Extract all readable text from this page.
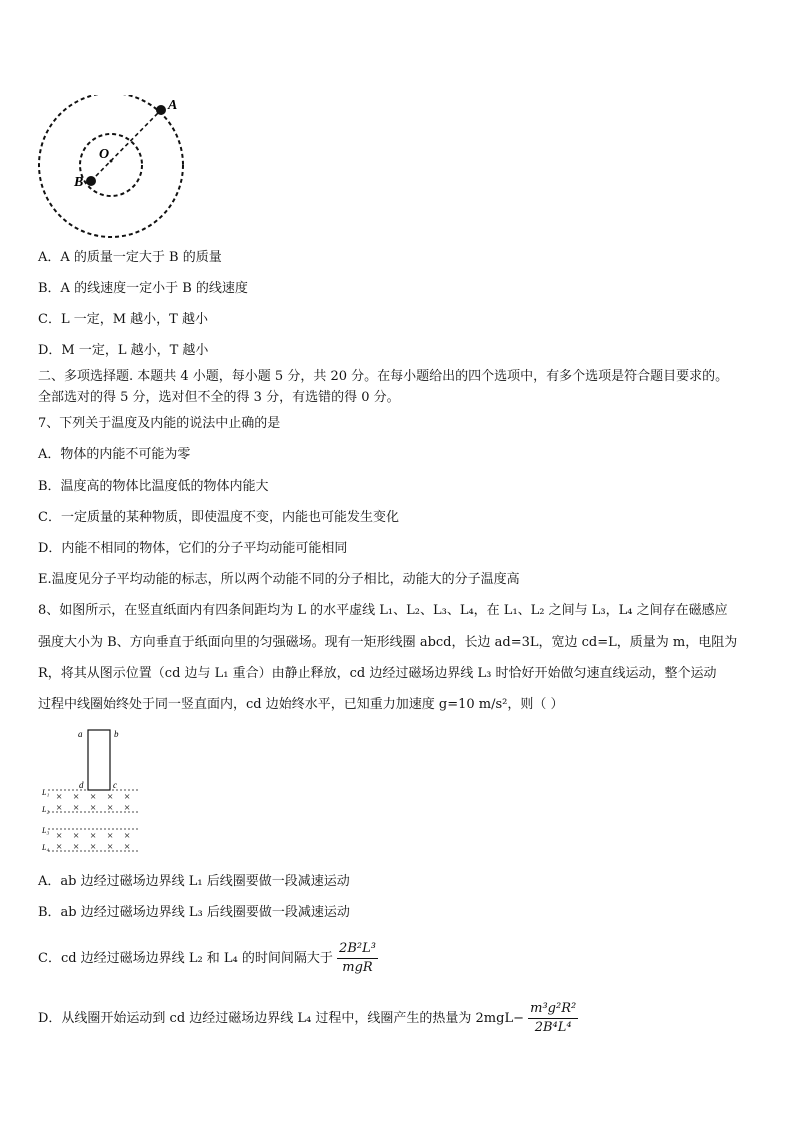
A
B
O
A．A 的质量一定大于 B 的质量
B．A 的线速度一定小于 B 的线速度
C．L 一定，M 越小，T 越小
D．M 一定，L 越小，T 越小
二、多项选择题. 本题共 4 小题，每小题 5 分，共 20 分。在每小题给出的四个选项中，有多个选项是符合题目要求的。
全部选对的得 5 分，选对但不全的得 3 分，有选错的得 0 分。
7、下列关于温度及内能的说法中止确的是
A．物体的内能不可能为零
B．温度高的物体比温度低的物体内能大
C．一定质量的某种物质，即使温度不变，内能也可能发生变化
D．内能不相同的物体，它们的分子平均动能可能相同
E.温度见分子平均动能的标志，所以两个动能不同的分子相比，动能大的分子温度高
8、如图所示，在竖直纸面内有四条间距均为 L 的水平虚线 L₁、L₂、L₃、L₄，在 L₁、L₂ 之间与 L₃，L₄ 之间存在磁感应
强度大小为 B、方向垂直于纸面向里的匀强磁场。现有一矩形线圈 abcd，长边 ad=3L，宽边 cd=L，质量为 m，电阻为
R，将其从图示位置（cd 边与 L₁ 重合）由静止释放，cd 边经过磁场边界线 L₃ 时恰好开始做匀速直线运动，整个运动
过程中线圈始终处于同一竖直面内，cd 边始终水平，已知重力加速度 g=10 m/s²，则（ ）
a	b
d	c
L₁
L₂
L₃
L₄
× × × × ×
× × × × ×
× × × × ×
× × × × ×
A．ab 边经过磁场边界线 L₁ 后线圈要做一段减速运动
B．ab 边经过磁场边界线 L₃ 后线圈要做一段减速运动
C．cd 边经过磁场边界线 L₂ 和 L₄ 的时间间隔大于 $\frac{\text{2B²L³}}{\text{mgR}}$
D．从线圈开始运动到 cd 边经过磁场边界线 L₄ 过程中，线圈产生的热量为 $2mgL- \frac{\text{m³g²R²}}{\text{2B⁴L⁴}}$
